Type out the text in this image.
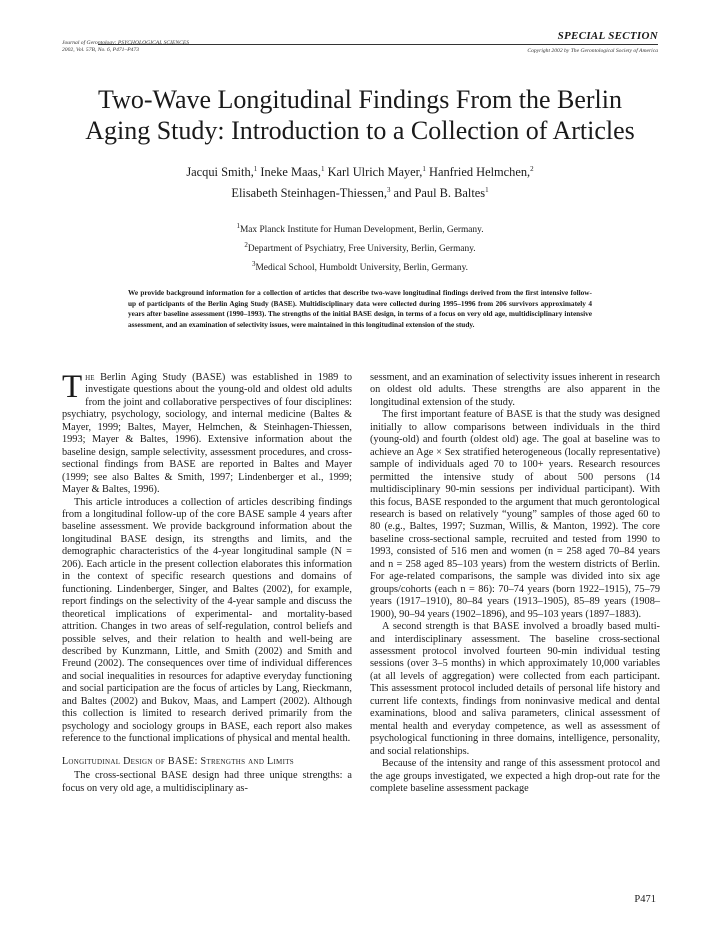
Journal of Gerontology: PSYCHOLOGICAL SCIENCES
2002, Vol. 57B, No. 6, P471–P473
SPECIAL SECTION
Copyright 2002 by The Gerontological Society of America
Two-Wave Longitudinal Findings From the Berlin
Aging Study: Introduction to a Collection of Articles
Jacqui Smith,$^1$ Ineke Maas,$^1$ Karl Ulrich Mayer,$^1$ Hanfried Helmchen,$^2$
Elisabeth Steinhagen-Thiessen,$^3$ and Paul B. Baltes$^1$
$^1$Max Planck Institute for Human Development, Berlin, Germany.
$^2$Department of Psychiatry, Free University, Berlin, Germany.
$^3$Medical School, Humboldt University, Berlin, Germany.

We provide background information for a collection of articles that describe two-wave longitudinal findings derived from the first intensive follow-up of participants of the Berlin Aging Study (BASE). Multidisciplinary data were collected during 1995–1996 from 206 survivors approximately 4 years after baseline assessment (1990–1993). The strengths of the initial BASE design, in terms of a focus on very old age, multidisciplinary intensive assessment, and an examination of selectivity issues, were maintained in this longitudinal extension of the study.

The Berlin Aging Study (BASE) was established in 1989 to investigate questions about the young-old and oldest old adults from the joint and collaborative perspectives of four disciplines: psychiatry, psychology, sociology, and internal medicine (Baltes & Mayer, 1999; Baltes, Mayer, Helmchen, & Steinhagen-Thiessen, 1993; Mayer & Baltes, 1996). Extensive information about the baseline design, sample selectivity, assessment procedures, and cross-sectional findings from BASE are reported in Baltes and Mayer (1999; see also Baltes & Smith, 1997; Lindenberger et al., 1999; Mayer & Baltes, 1996).

This article introduces a collection of articles describing findings from a longitudinal follow-up of the core BASE sample 4 years after baseline assessment. We provide background information about the longitudinal BASE design, its strengths and limits, and the demographic characteristics of the 4-year longitudinal sample (N = 206). Each article in the present collection elaborates this information in the context of specific research questions and domains of functioning. Lindenberger, Singer, and Baltes (2002), for example, report findings on the selectivity of the 4-year sample and discuss the theoretical implications of experimental- and mortality-based attrition. Changes in two areas of self-regulation, control beliefs and possible selves, and their relation to health and well-being are described by Kunzmann, Little, and Smith (2002) and Smith and Freund (2002). The consequences over time of individual differences and social inequalities in resources for adaptive everyday functioning and social participation are the focus of articles by Lang, Rieckmann, and Baltes (2002) and Bukov, Maas, and Lampert (2002). Although this collection is limited to research derived primarily from the psychology and sociology groups in BASE, each report also makes reference to the functional implications of physical and mental health.

Longitudinal Design of BASE: Strengths and Limits

The cross-sectional BASE design had three unique strengths: a focus on very old age, a multidisciplinary as-

sessment, and an examination of selectivity issues inherent in research on oldest old adults. These strengths are also apparent in the longitudinal extension of the study.

The first important feature of BASE is that the study was designed initially to allow comparisons between individuals in the third (young-old) and fourth (oldest old) age. The goal at baseline was to achieve an Age × Sex stratified heterogeneous (locally representative) sample of individuals aged 70 to 100+ years. Research resources permitted the intensive study of about 500 persons (14 multidisciplinary 90-min sessions per individual participant). With this focus, BASE responded to the argument that much gerontological research is based on relatively “young” samples of those aged 60 to 80 (e.g., Baltes, 1997; Suzman, Willis, & Manton, 1992). The core baseline cross-sectional sample, recruited and tested from 1990 to 1993, consisted of 516 men and women (n = 258 aged 70–84 years and n = 258 aged 85–103 years) from the western districts of Berlin. For age-related comparisons, the sample was divided into six age groups/cohorts (each n = 86): 70–74 years (born 1922–1915), 75–79 years (1917–1910), 80–84 years (1913–1905), 85–89 years (1908–1900), 90–94 years (1902–1896), and 95–103 years (1897–1883).

A second strength is that BASE involved a broadly based multi- and interdisciplinary assessment. The baseline cross-sectional assessment protocol involved fourteen 90-min individual testing sessions (over 3–5 months) in which approximately 10,000 variables (at all levels of aggregation) were collected from each participant. This assessment protocol included details of personal life history and current life contexts, findings from noninvasive medical and dental examinations, blood and saliva parameters, clinical assessment of mental health and everyday competence, as well as assessment of psychological functioning in three domains, intelligence, personality, and social relationships.

Because of the intensity and range of this assessment protocol and the age groups investigated, we expected a high drop-out rate for the complete baseline assessment package

P471
